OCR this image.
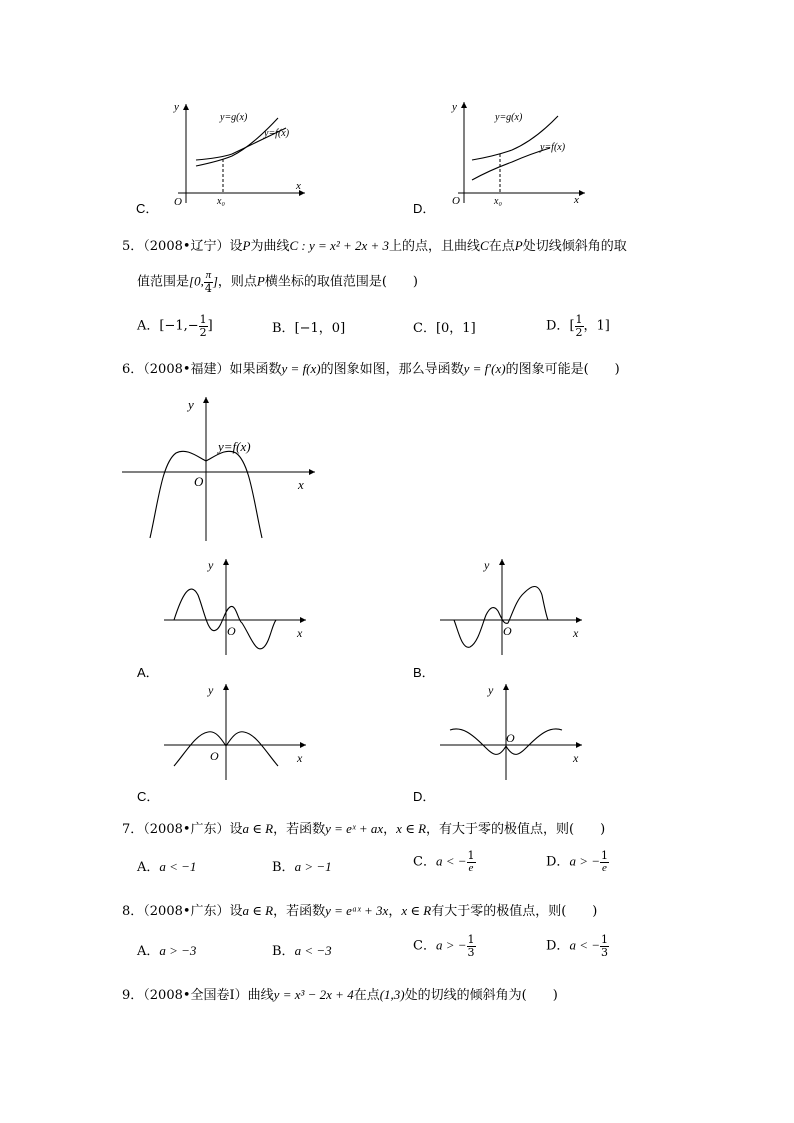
y
O
x
x₀
y=g(x)
y=f(x)
C．
y
O	x
x₀
y=g(x)
y=f(x)
D．
5．（2008•辽宁）设P为曲线C : y = x² + 2x + 3上的点，且曲线C在点P处切线倾斜角的取
值范围是[0, $\frac{\pi}{4}$ ]，则点P横坐标的取值范围是(　　)
A．[$-1,- \frac{1}{2}$ ]	B．[−1，0]	C．[0，1]	D．[ $\frac{1}{2}$ ，1]
6．（2008•福建）如果函数y = f(x)的图象如图，那么导函数y = f′(x)的图象可能是(　　)
y
O	x
y=f(x)
y
O	x
A．
y
O	x
B．
y
O	x
C．
y
O
x
D．
7．（2008•广东）设a ∈ R，若函数y = eˣ + ax，x ∈ R，有大于零的极值点，则(　　)
A．a < −1	B．a > −1	C．a < − $\frac{1}{e}$	D．a > − $\frac{1}{e}$
8．（2008•广东）设a ∈ R，若函数y = eᵃˣ + 3x，x ∈ R有大于零的极值点，则(　　)
A．a > −3	B．a < −3	C．a > − $\frac{1}{3}$	D．a < − $\frac{1}{3}$
9．（2008•全国卷Ⅰ）曲线y = x³ − 2x + 4在点(1,3)处的切线的倾斜角为(　　)
